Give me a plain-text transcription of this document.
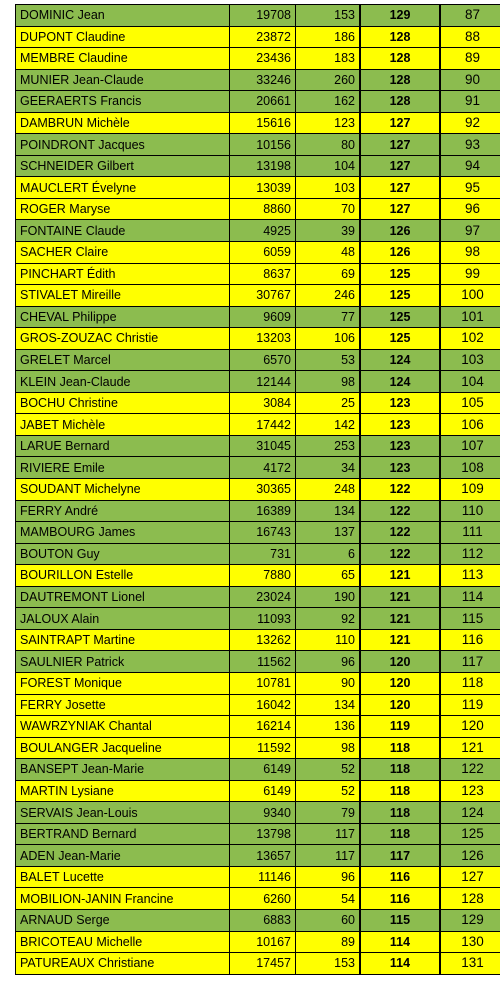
DOMINIC Jean	19708	153	129	87
DUPONT Claudine	23872	186	128	88
MEMBRE Claudine	23436	183	128	89
MUNIER Jean-Claude	33246	260	128	90
GEERAERTS Francis	20661	162	128	91
DAMBRUN Michèle	15616	123	127	92
POINDRONT Jacques	10156	80	127	93
SCHNEIDER Gilbert	13198	104	127	94
MAUCLERT Évelyne	13039	103	127	95
ROGER Maryse	8860	70	127	96
FONTAINE Claude	4925	39	126	97
SACHER Claire	6059	48	126	98
PINCHART Édith	8637	69	125	99
STIVALET Mireille	30767	246	125	100
CHEVAL Philippe	9609	77	125	101
GROS-ZOUZAC Christie	13203	106	125	102
GRELET Marcel	6570	53	124	103
KLEIN Jean-Claude	12144	98	124	104
BOCHU Christine	3084	25	123	105
JABET Michèle	17442	142	123	106
LARUE Bernard	31045	253	123	107
RIVIERE Emile	4172	34	123	108
SOUDANT Michelyne	30365	248	122	109
FERRY André	16389	134	122	110
MAMBOURG James	16743	137	122	111
BOUTON Guy	731	6	122	112
BOURILLON Estelle	7880	65	121	113
DAUTREMONT Lionel	23024	190	121	114
JALOUX Alain	11093	92	121	115
SAINTRAPT Martine	13262	110	121	116
SAULNIER Patrick	11562	96	120	117
FOREST Monique	10781	90	120	118
FERRY Josette	16042	134	120	119
WAWRZYNIAK Chantal	16214	136	119	120
BOULANGER Jacqueline	11592	98	118	121
BANSEPT Jean-Marie	6149	52	118	122
MARTIN Lysiane	6149	52	118	123
SERVAIS Jean-Louis	9340	79	118	124
BERTRAND Bernard	13798	117	118	125
ADEN Jean-Marie	13657	117	117	126
BALET Lucette	11146	96	116	127
MOBILION-JANIN Francine	6260	54	116	128
ARNAUD Serge	6883	60	115	129
BRICOTEAU Michelle	10167	89	114	130
PATUREAUX Christiane	17457	153	114	131
